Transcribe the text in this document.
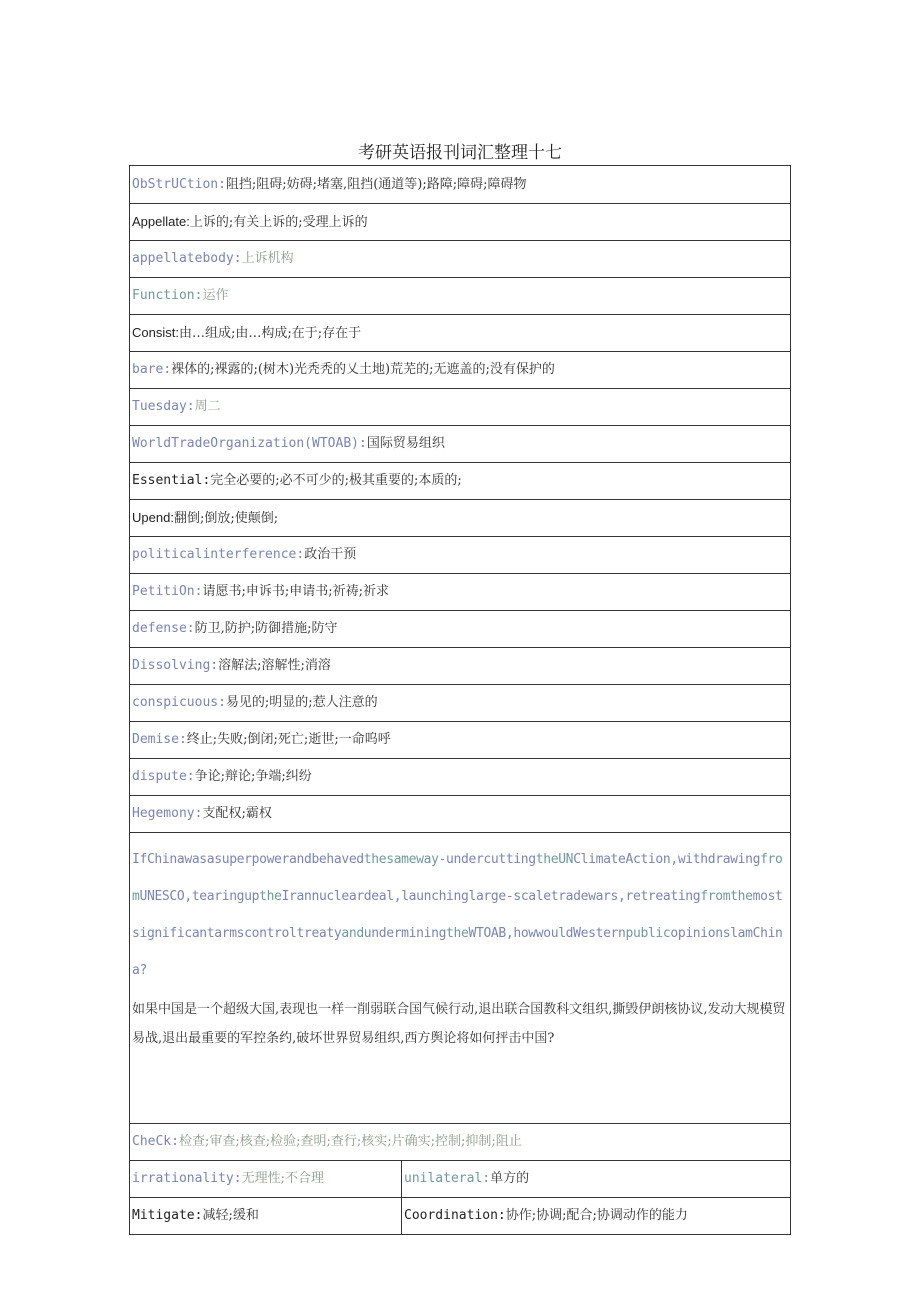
考研英语报刊词汇整理十七
ObStrUCtion:阻挡;阻碍;妨碍;堵塞,阻挡(通道等);路障;障碍;障碍物	
Appellate:上诉的;有关上诉的;受理上诉的	
appellatebody:上诉机构	
Function:运作	
Consist:由…组成;由…构成;在于;存在于	
bare:裸体的;裸露的;(树木)光秃秃的乂土地)荒芜的;无遮盖的;没有保护的	
Tuesday:周二	
WorldTradeOrganization(WTOAB):国际贸易组织	
Essential:完全必要的;必不可少的;极其重要的;本质的;	
Upend:翻倒;倒放;使颠倒;	
politicalinterference:政治干预	
PetitiOn:请愿书;申诉书;申请书;祈祷;祈求	
defense:防卫,防护;防御措施;防守	
Dissolving:溶解法;溶解性;消溶	
conspicuous:易见的;明显的;惹人注意的	
Demise:终止;失败;倒闭;死亡;逝世;一命呜呼	
dispute:争论;辩论;争端;纠纷	
Hegemony:支配权;霸权	

IfChinawasasuperpowerandbehavedthesameway-undercuttingtheUNClimateAction,withdrawingfromUNESCO,tearinguptheIrannucleardeal,launchinglarge-scaletradewars,retreatingfromthemostsignificantarmscontroltreatyandunderminingtheWTOAB,howwouldWesternpublicopinionslamChina?
如果中国是一个超级大国,表现也一样一削弱联合国气候行动,退出联合国教科文组织,撕毁伊朗核协议,发动大规模贸易战,退出最重要的军控条约,破坏世界贸易组织,西方舆论将如何抨击中国?	

CheCk:检查;审查;核查;检验;查明;查行;核实;片确实;控制;抑制;阻止	
irrationality:无理性;不合理	unilateral:单方的
Mitigate:减轻;缓和	Coordination:协作;协调;配合;协调动作的能力
